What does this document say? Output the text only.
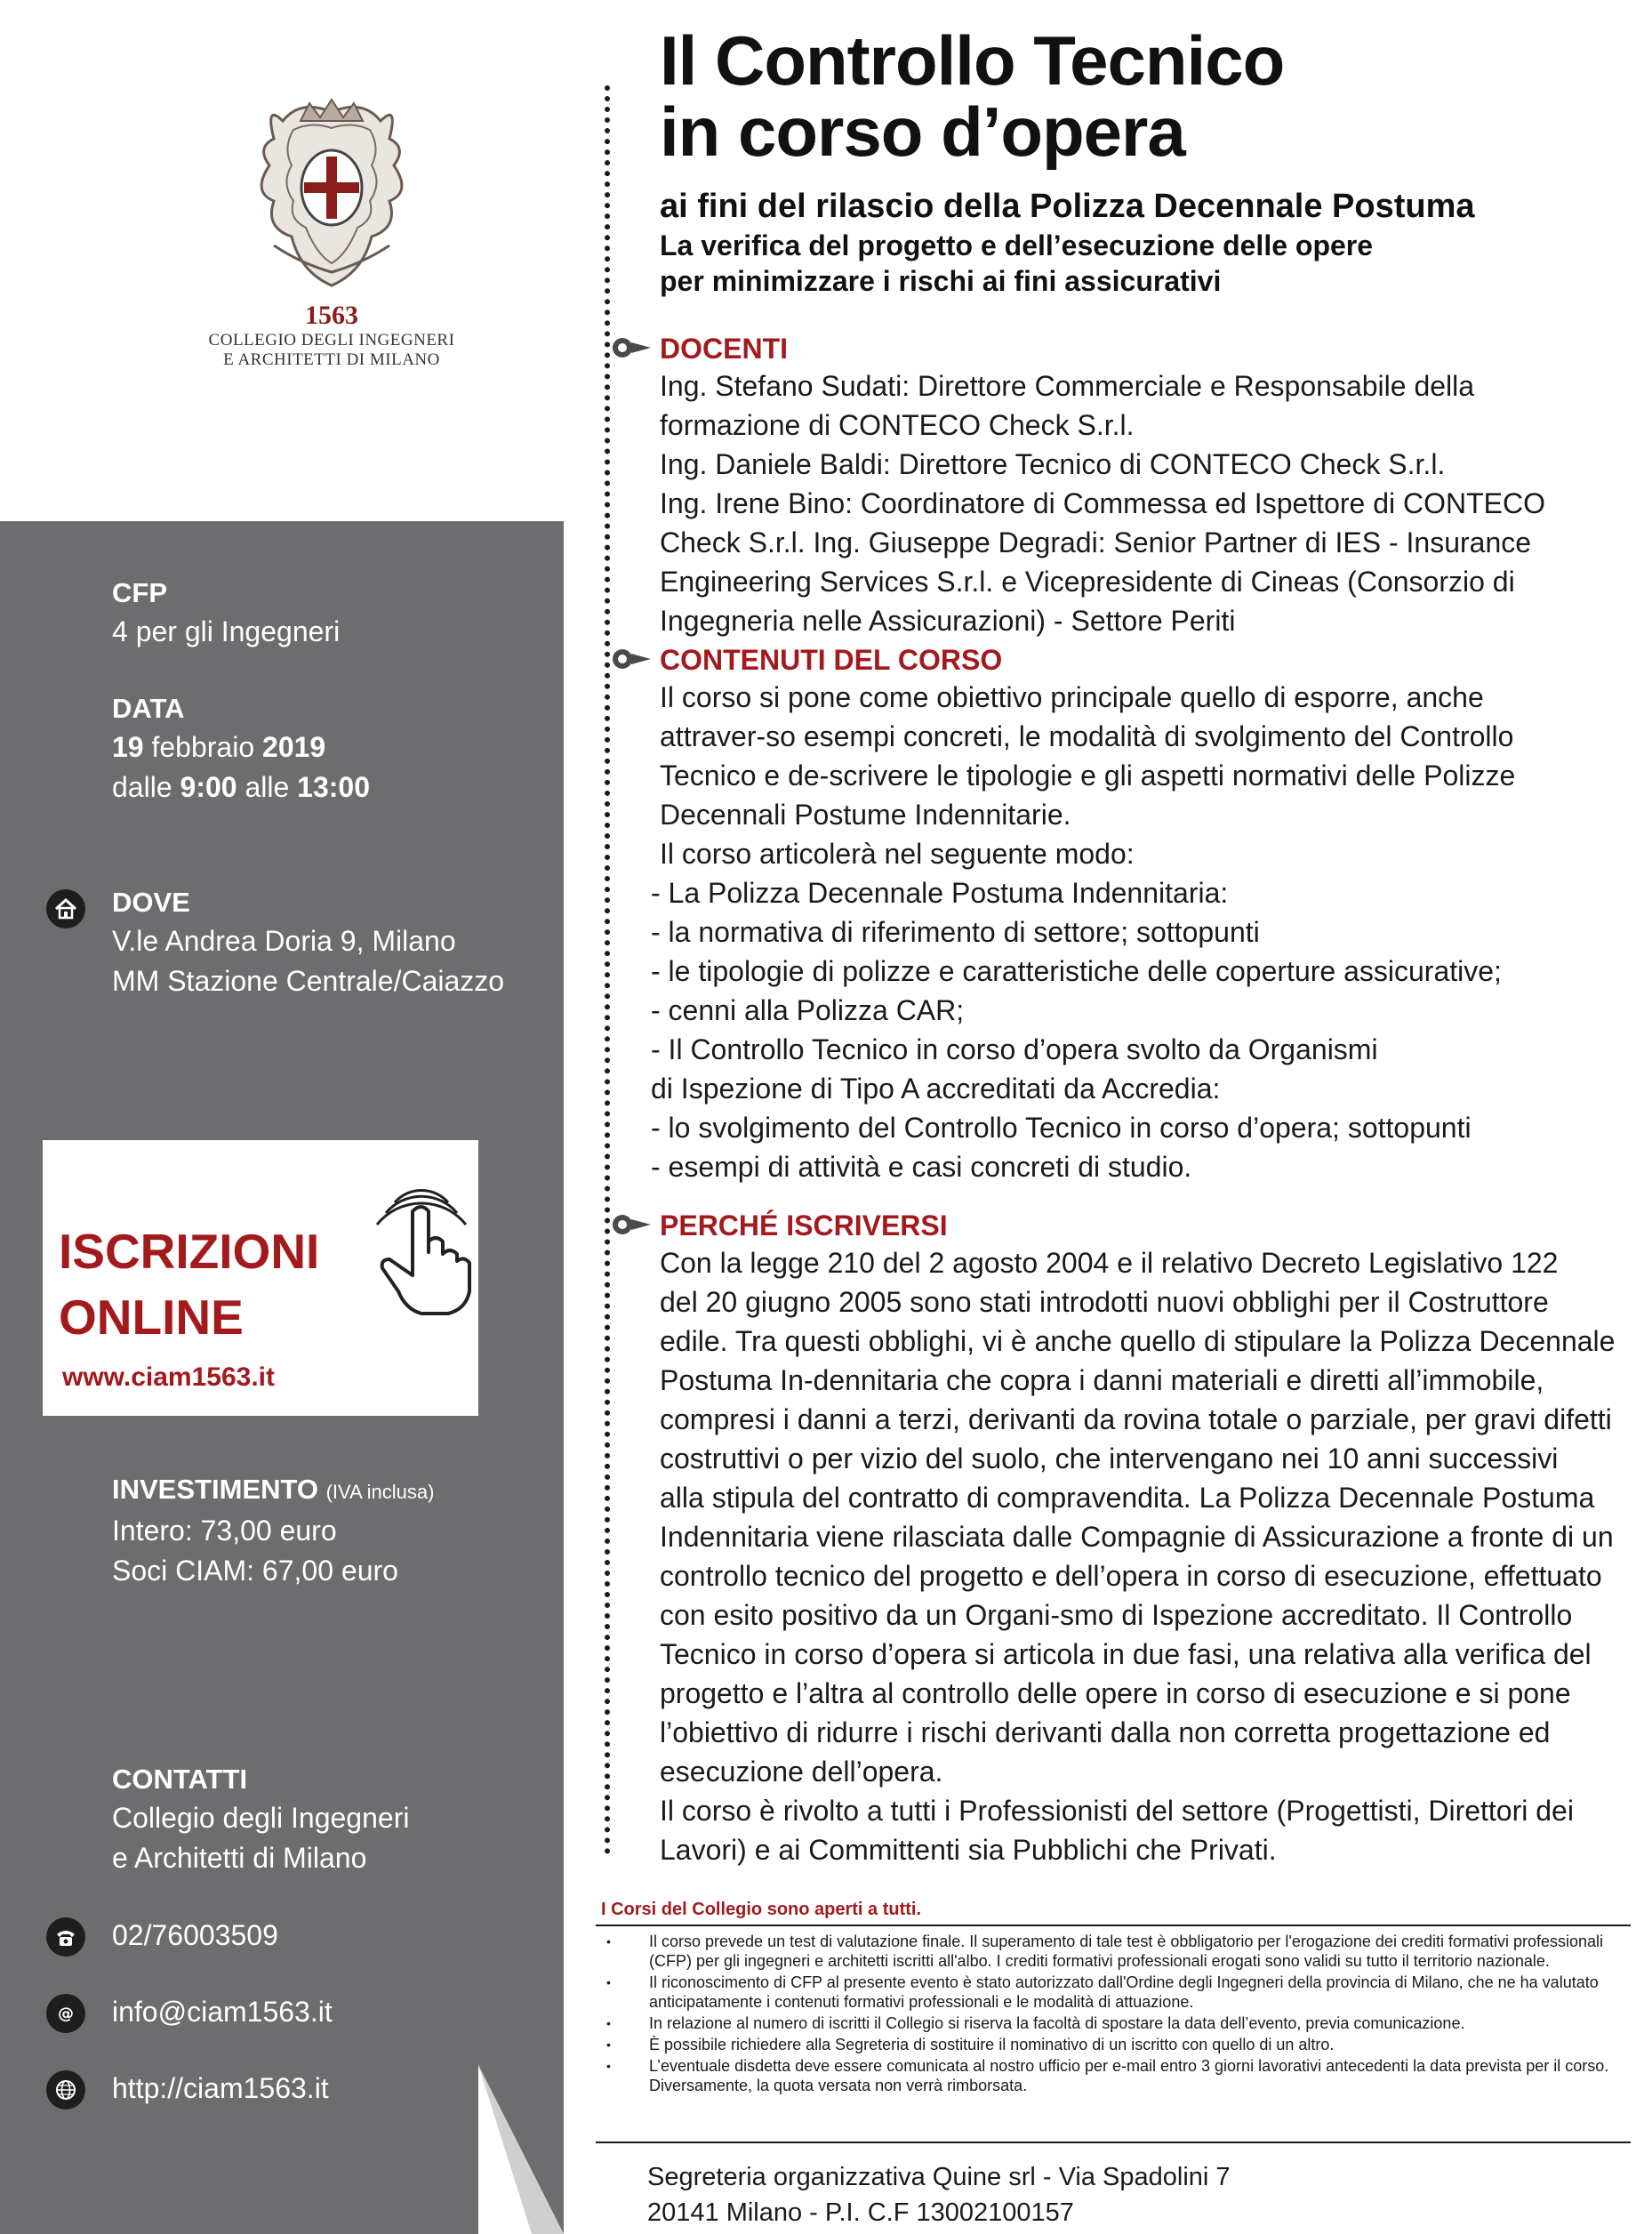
1563
COLLEGIO DEGLI INGEGNERI
E ARCHITETTI DI MILANO
CFP
4 per gli Ingegneri
DATA
19 febbraio 2019
dalle 9:00 alle 13:00
DOVE
V.le Andrea Doria 9, Milano
MM Stazione Centrale/Caiazzo
INVESTIMENTO (IVA inclusa)
Intero: 73,00 euro
Soci CIAM: 67,00 euro
CONTATTI
Collegio degli Ingegneri
e Architetti di Milano
02/76003509
@ info@ciam1563.it
http://ciam1563.it
ISCRIZIONI
ONLINE
www.ciam1563.it
Il Controllo Tecnico
in corso d’opera
ai fini del rilascio della Polizza Decennale Postuma
La verifica del progetto e dell’esecuzione delle opere
per minimizzare i rischi ai fini assicurativi
DOCENTI

Ing. Stefano Sudati: Direttore Commerciale e Responsabile della

formazione di CONTECO Check S.r.l.

Ing. Daniele Baldi: Direttore Tecnico di CONTECO Check S.r.l.

Ing. Irene Bino: Coordinatore di Commessa ed Ispettore di CONTECO

Check S.r.l. Ing. Giuseppe Degradi: Senior Partner di IES - Insurance

Engineering Services S.r.l. e Vicepresidente di Cineas (Consorzio di

Ingegneria nelle Assicurazioni) - Settore Periti

CONTENUTI DEL CORSO

Il corso si pone come obiettivo principale quello di esporre, anche

attraver-so esempi concreti, le modalità di svolgimento del Controllo

Tecnico e de-scrivere le tipologie e gli aspetti normativi delle Polizze

Decennali Postume Indennitarie.

Il corso articolerà nel seguente modo:

- La Polizza Decennale Postuma Indennitaria:
- la normativa di riferimento di settore; sottopunti
- le tipologie di polizze e caratteristiche delle coperture assicurative;
- cenni alla Polizza CAR;
- Il Controllo Tecnico in corso d’opera svolto da Organismi
di Ispezione di Tipo A accreditati da Accredia:
- lo svolgimento del Controllo Tecnico in corso d’opera; sottopunti
- esempi di attività e casi concreti di studio.
PERCHÉ ISCRIVERSI

Con la legge 210 del 2 agosto 2004 e il relativo Decreto Legislativo 122

del 20 giugno 2005 sono stati introdotti nuovi obblighi per il Costruttore

edile. Tra questi obblighi, vi è anche quello di stipulare la Polizza Decennale

Postuma In-dennitaria che copra i danni materiali e diretti all’immobile,

compresi i danni a terzi, derivanti da rovina totale o parziale, per gravi difetti

costruttivi o per vizio del suolo, che intervengano nei 10 anni successivi

alla stipula del contratto di compravendita. La Polizza Decennale Postuma

Indennitaria viene rilasciata dalle Compagnie di Assicurazione a fronte di un

controllo tecnico del progetto e dell’opera in corso di esecuzione, effettuato

con esito positivo da un Organi-smo di Ispezione accreditato. Il Controllo

Tecnico in corso d’opera si articola in due fasi, una relativa alla verifica del

progetto e l’altra al controllo delle opere in corso di esecuzione e si pone

l’obiettivo di ridurre i rischi derivanti dalla non corretta progettazione ed

esecuzione dell’opera.

Il corso è rivolto a tutti i Professionisti del settore (Progettisti, Direttori dei

Lavori) e ai Committenti sia Pubblichi che Privati.

I Corsi del Collegio sono aperti a tutti.
• Il corso prevede un test di valutazione finale. Il superamento di tale test è obbligatorio per l'erogazione dei crediti formativi professionali (CFP) per gli ingegneri e architetti iscritti all'albo. I crediti formativi professionali erogati sono validi su tutto il territorio nazionale.
• Il riconoscimento di CFP al presente evento è stato autorizzato dall'Ordine degli Ingegneri della provincia di Milano, che ne ha valutato anticipatamente i contenuti formativi professionali e le modalità di attuazione.
• In relazione al numero di iscritti il Collegio si riserva la facoltà di spostare la data dell’evento, previa comunicazione.
• È possibile richiedere alla Segreteria di sostituire il nominativo di un iscritto con quello di un altro.
• L’eventuale disdetta deve essere comunicata al nostro ufficio per e-mail entro 3 giorni lavorativi antecedenti la data prevista per il corso. Diversamente, la quota versata non verrà rimborsata.
Segreteria organizzativa Quine srl - Via Spadolini 7
20141 Milano - P.I. C.F 13002100157
